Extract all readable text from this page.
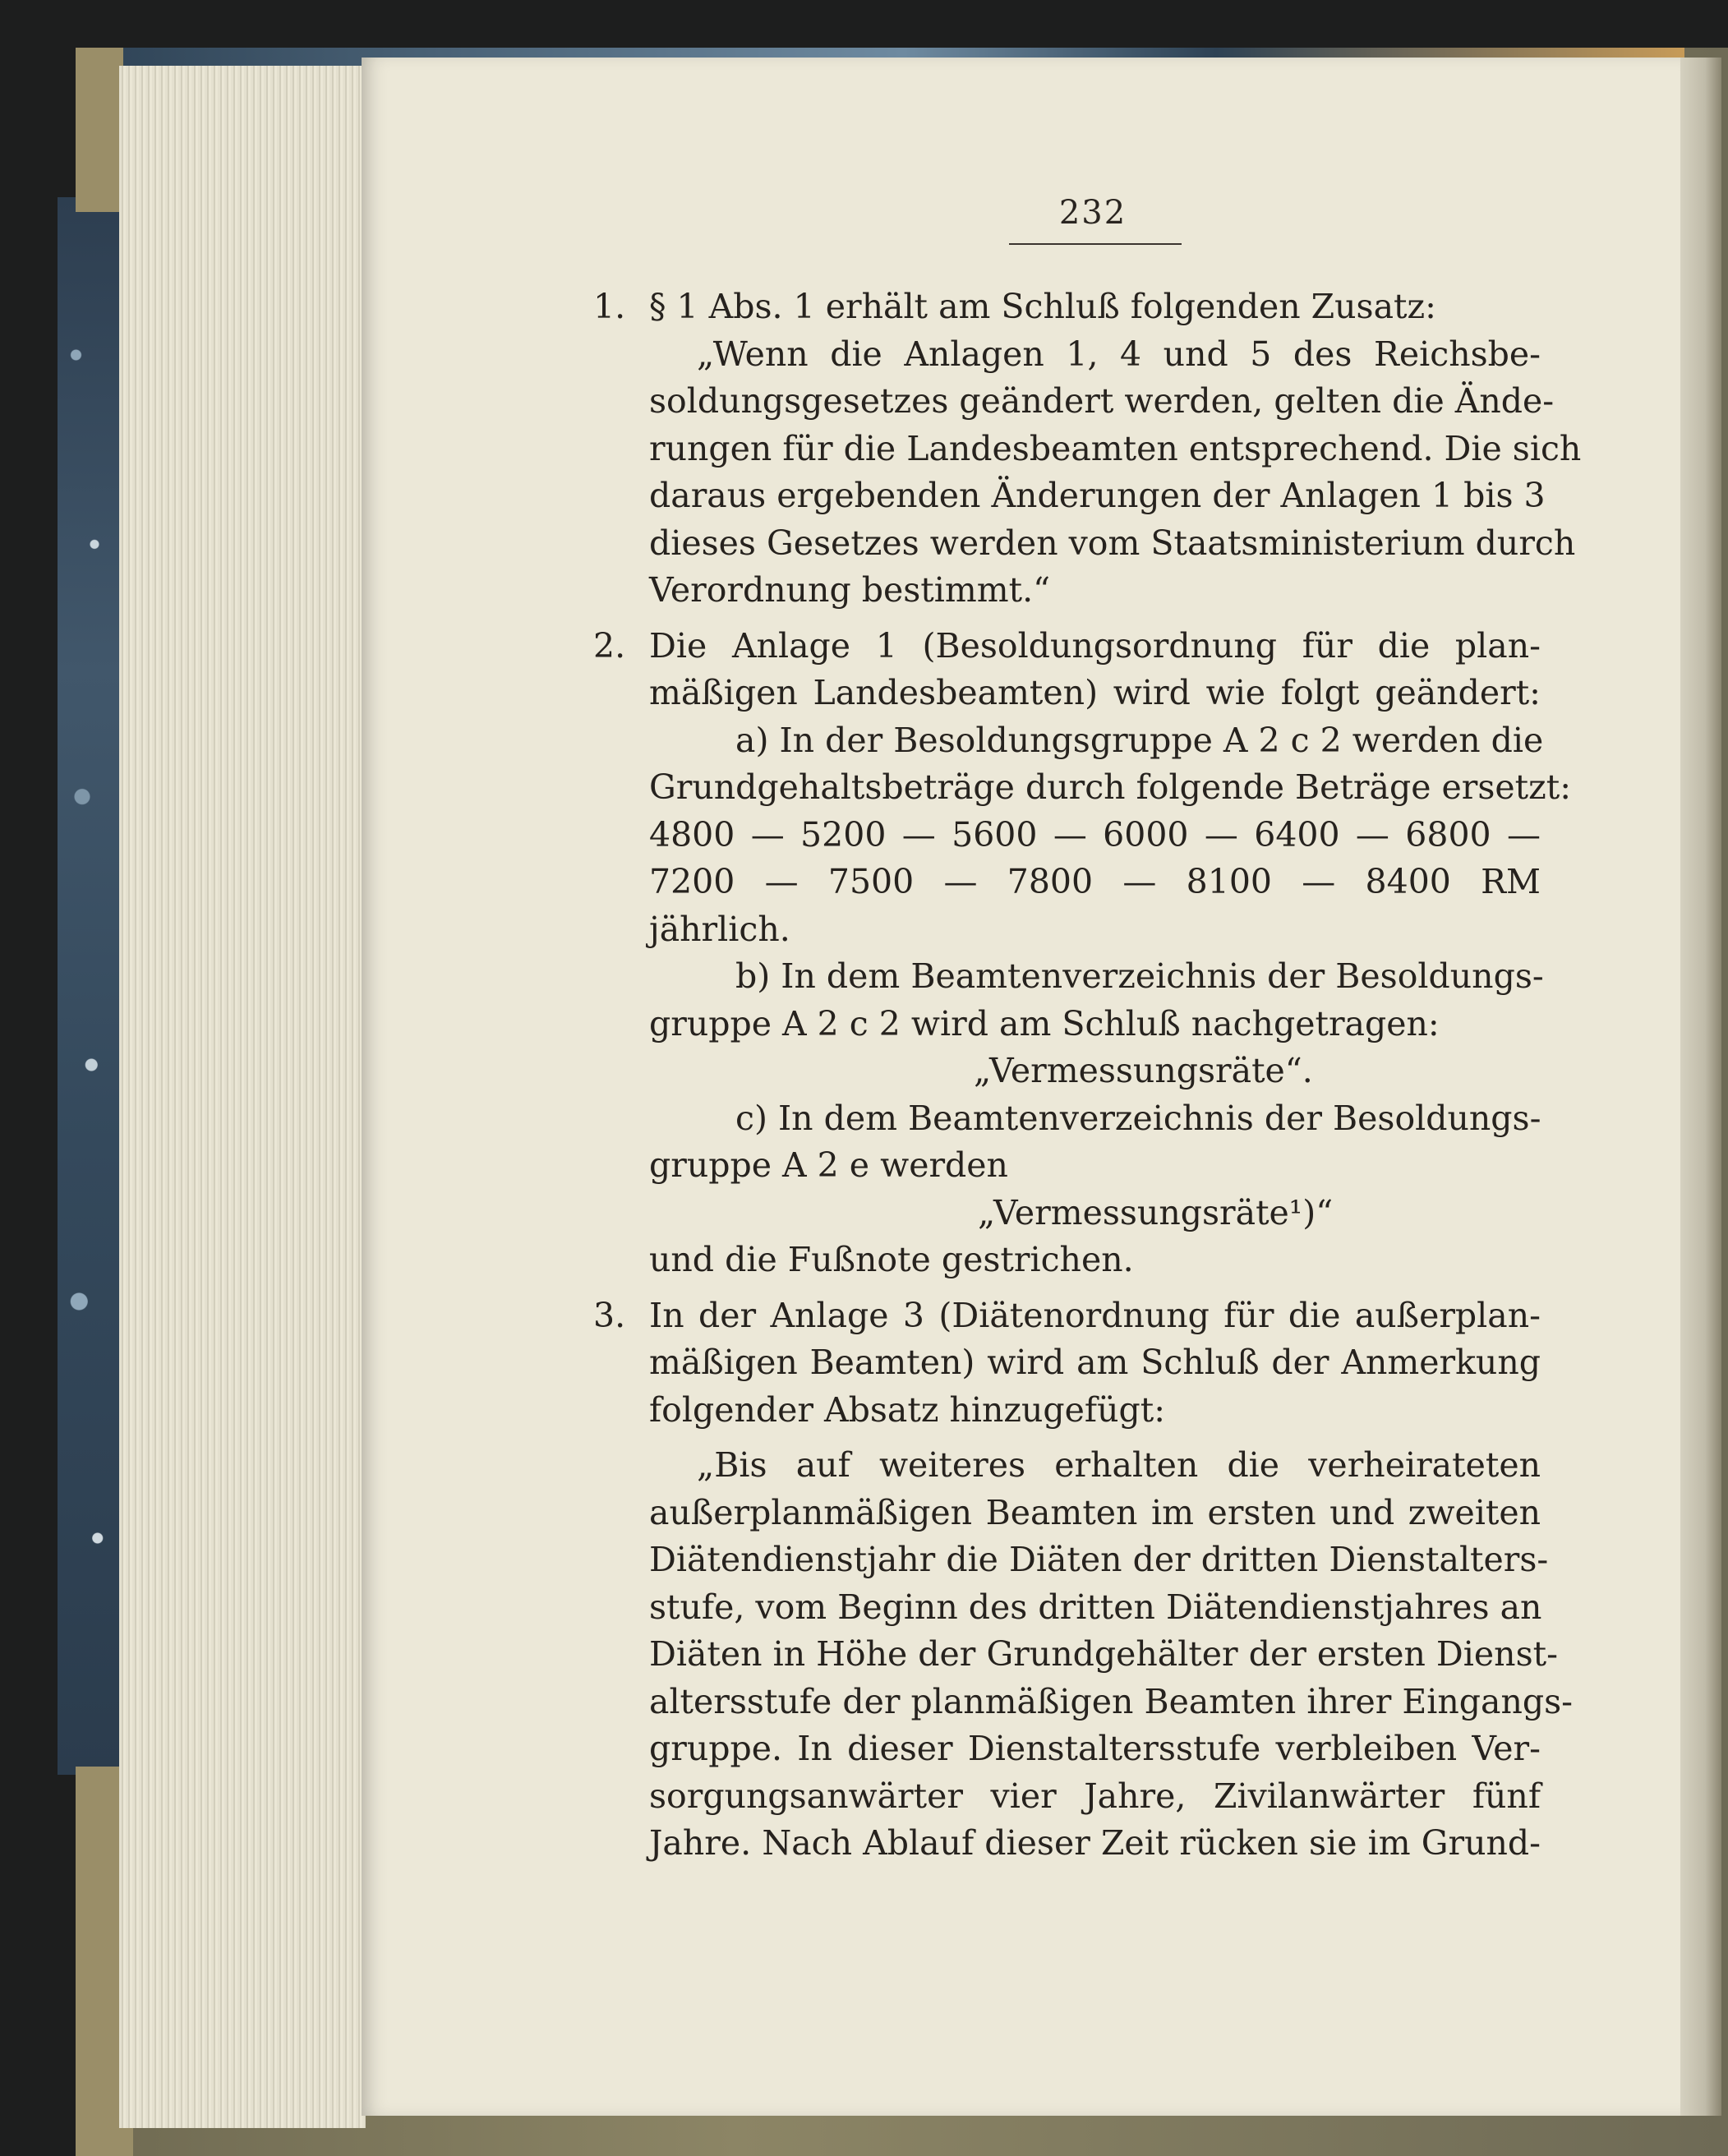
232
1. § 1 Abs. 1 erhält am Schluß folgenden Zusatz:
„Wenn die Anlagen 1, 4 und 5 des Reichsbe-
soldungsgesetzes geändert werden, gelten die Ände-
rungen für die Landesbeamten entsprechend. Die sich
daraus ergebenden Änderungen der Anlagen 1 bis 3
dieses Gesetzes werden vom Staatsministerium durch
Verordnung bestimmt.“
2. Die Anlage 1 (Besoldungsordnung für die plan-
mäßigen Landesbeamten) wird wie folgt geändert:
a) In der Besoldungsgruppe A 2 c 2 werden die
Grundgehaltsbeträge durch folgende Beträge ersetzt:
4800 — 5200 — 5600 — 6000 — 6400 — 6800 —
7200 — 7500 — 7800 — 8100 — 8400 RM
jährlich.
b) In dem Beamtenverzeichnis der Besoldungs-
gruppe A 2 c 2 wird am Schluß nachgetragen:
„Vermessungsräte“.
c) In dem Beamtenverzeichnis der Besoldungs-
gruppe A 2 e werden
„Vermessungsräte¹)“
und die Fußnote gestrichen.
3. In der Anlage 3 (Diätenordnung für die außerplan-
mäßigen Beamten) wird am Schluß der Anmerkung
folgender Absatz hinzugefügt:
„Bis auf weiteres erhalten die verheirateten
außerplanmäßigen Beamten im ersten und zweiten
Diätendienstjahr die Diäten der dritten Dienstalters-
stufe, vom Beginn des dritten Diätendienstjahres an
Diäten in Höhe der Grundgehälter der ersten Dienst-
altersstufe der planmäßigen Beamten ihrer Eingangs-
gruppe. In dieser Dienstaltersstufe verbleiben Ver-
sorgungsanwärter vier Jahre, Zivilanwärter fünf
Jahre. Nach Ablauf dieser Zeit rücken sie im Grund-
